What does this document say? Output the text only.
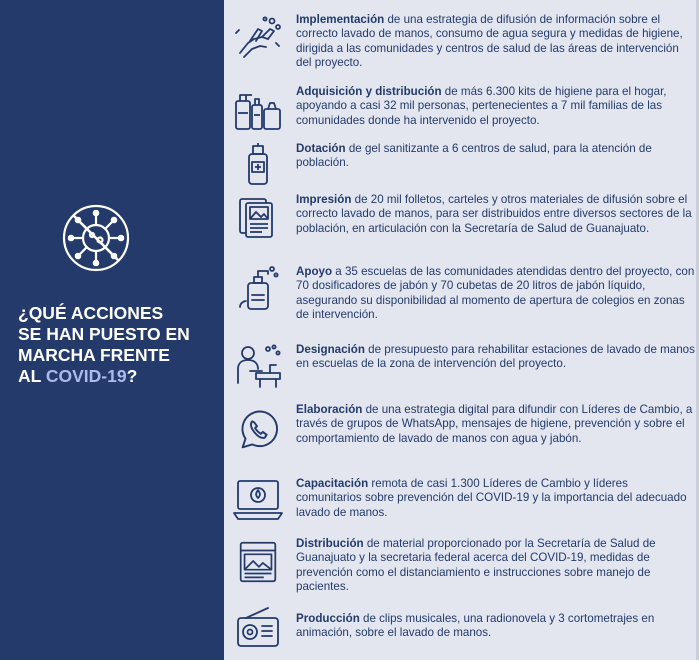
¿QUÉ ACCIONES
SE HAN PUESTO EN
MARCHA FRENTE
AL COVID-19?

Implementación de una estrategia de difusión de información sobre el correcto lavado de manos, consumo de agua segura y medidas de higiene, dirigida a las comunidades y centros de salud de las áreas de intervención del proyecto.

Adquisición y distribución de más 6.300 kits de higiene para el hogar, apoyando a casi 32 mil personas, pertenecientes a 7 mil familias de las comunidades donde ha intervenido el proyecto.

Dotación de gel sanitizante a 6 centros de salud, para la atención de población.

Impresión de 20 mil folletos, carteles y otros materiales de difusión sobre el correcto lavado de manos, para ser distribuidos entre diversos sectores de la población, en articulación con la Secretaría de Salud de Guanajuato.

Apoyo a 35 escuelas de las comunidades atendidas dentro del proyecto, con 70 dosificadores de jabón y 70 cubetas de 20 litros de jabón líquido, asegurando su disponibilidad al momento de apertura de colegios en zonas de intervención.

Designación de presupuesto para rehabilitar estaciones de lavado de manos en escuelas de la zona de intervención del proyecto.

Elaboración de una estrategia digital para difundir con Líderes de Cambio, a través de grupos de WhatsApp, mensajes de higiene, prevención y sobre el comportamiento de lavado de manos con agua y jabón.

Capacitación remota de casi 1.300 Líderes de Cambio y líderes comunitarios sobre prevención del COVID-19 y la importancia del adecuado lavado de manos.

Distribución de material proporcionado por la Secretaría de Salud de Guanajuato y la secretaria federal acerca del COVID-19, medidas de prevención como el distanciamiento e instrucciones sobre manejo de pacientes.

Producción de clips musicales, una radionovela y 3 cortometrajes en animación, sobre el lavado de manos.
